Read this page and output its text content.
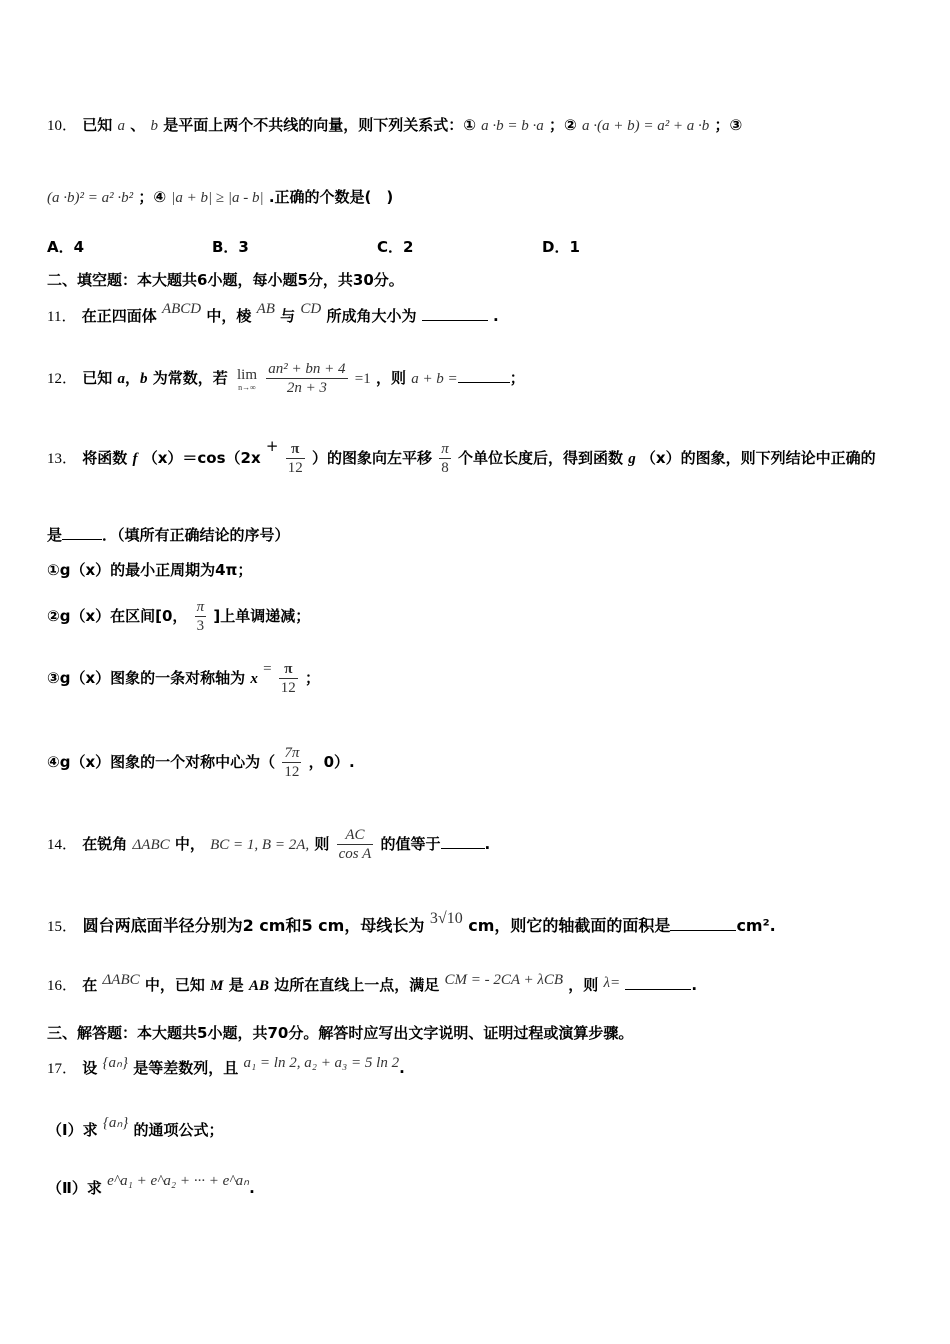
10． 已知 a 、 b 是平面上两个不共线的向量，则下列关系式：① a ·b = b ·a ；② a ·(a + b) = a² + a ·b ；③
(a ·b)² = a² ·b² ；④ |a + b| ≥ |a - b| .正确的个数是(　)
A．4	B．3	C．2	D．1
二、填空题：本大题共6小题，每小题5分，共30分。
11． 在正四面体 ABCD 中，棱 AB 与 CD 所成角大小为	.
12． 已知 a，b 为常数，若 lim
n→∞
$\frac{\text{an² + bn + 4}}{2n + 3} =1$ ，则 a + b =	；
13． 将函数 f $(x)=\cos(2x + \frac{\pi}{12}$ ）的图象向左平移 $\frac{\pi}{8}$ 个单位长度后，得到函数 g （x）的图象，则下列结论中正确的
是	．（填所有正确结论的序号）
①g（x）的最小正周期为4π；
②g（x）在区间[0， $\frac{\pi}{3}$ ]上单调递减；
③g（x）图象的一条对称轴为 $x = \frac{\pi}{12}$ ；
④g（x）图象的一个对称中心为（ $\frac{7\pi}{12}$ ，0）.
14． 在锐角 ΔABC 中， BC = 1, B = 2A, 则 $\frac{AC}{\text{cos A}}$ 的值等于	.
15． 圆台两底面半径分别为2 cm和5 cm，母线长为 3√10 cm，则它的轴截面的面积是	cm².
16． 在 ΔABC 中，已知 M 是 AB 边所在直线上一点，满足 CM = - 2CA + λCB ，则 λ=	.
三、解答题：本大题共5小题，共70分。解答时应写出文字说明、证明过程或演算步骤。
17． 设 {aₙ} 是等差数列，且 a₁ = ln 2, a₂ + a₃ = 5 ln 2.
（Ⅰ）求 {aₙ} 的通项公式；
（Ⅱ）求 e^a₁ + e^a₂ + ··· + e^aₙ.
